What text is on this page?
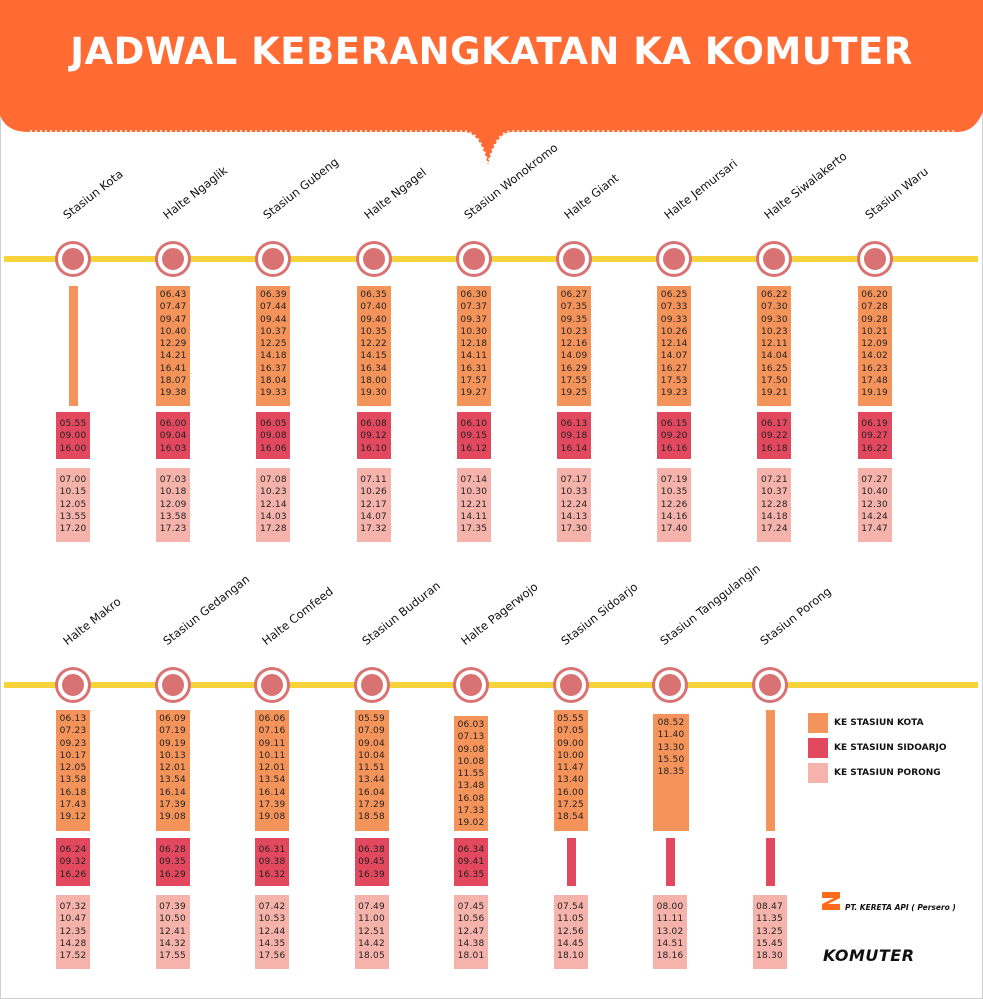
JADWAL KEBERANGKATAN KA KOMUTER
Stasiun Kota
05.55
09.00
16.00
07.00
10.15
12.05
13.55
17.20
Halte Ngaglik
06.43
07.47
09.47
10.40
12.29
14.21
16.41
18.07
19.38
06.00
09.04
16.03
07.03
10.18
12.09
13.58
17.23
Stasiun Gubeng
06.39
07.44
09.44
10.37
12.25
14.18
16.37
18.04
19.33
06.05
09.08
16.06
07.08
10.23
12.14
14.03
17.28
Halte Ngagel
06.35
07.40
09.40
10.35
12.22
14.15
16.34
18.00
19.30
06.08
09.12
16.10
07.11
10.26
12.17
14.07
17.32
Stasiun Wonokromo
06.30
07.37
09.37
10.30
12.18
14.11
16.31
17.57
19.27
06.10
09.15
16.12
07.14
10.30
12.21
14.11
17.35
Halte Giant
06.27
07.35
09.35
10.23
12.16
14.09
16.29
17.55
19.25
06.13
09.18
16.14
07.17
10.33
12.24
14.13
17.30
Halte Jemursari
06.25
07.33
09.33
10.26
12.14
14.07
16.27
17.53
19.23
06.15
09.20
16.16
07.19
10.35
12.26
14.16
17.40
Halte Siwalakerto
06.22
07.30
09.30
10.23
12.11
14.04
16.25
17.50
19.21
06.17
09.22
16.18
07.21
10.37
12.28
14.18
17.24
Stasiun Waru
06.20
07.28
09.28
10.21
12.09
14.02
16.23
17.48
19.19
06.19
09.27
16.22
07.27
10.40
12.30
14.24
17.47
Halte Makro
06.13
07.23
09.23
10.17
12.05
13.58
16.18
17.43
19.12
06.24
09.32
16.26
07.32
10.47
12.35
14.28
17.52
Stasiun Gedangan
06.09
07.19
09.19
10.13
12.01
13.54
16.14
17.39
19.08
06.28
09.35
16.29
07.39
10.50
12.41
14.32
17.55
Halte Comfeed
06.06
07.16
09.11
10.11
12.01
13.54
16.14
17.39
19.08
06.31
09.38
16.32
07.42
10.53
12.44
14.35
17.56
Stasiun Buduran
05.59
07.09
09.04
10.04
11.51
13.44
16.04
17.29
18.58
06.38
09.45
16.39
07.49
11.00
12.51
14.42
18.05
Halte Pagerwojo
06.03
07.13
09.08
10.08
11.55
13.48
16.08
17.33
19.02
06.34
09.41
16.35
07.45
10.56
12.47
14.38
18.01
Stasiun Sidoarjo
05.55
07.05
09.00
10.00
11.47
13.40
16.00
17.25
18.54
07.54
11.05
12.56
14.45
18.10
Stasiun Tanggulangin
08.52
11.40
13.30
15.50
18.35
08.00
11.11
13.02
14.51
18.16
Stasiun Porong
08.47
11.35
13.25
15.45
18.30
KE STASIUN KOTA
KE STASIUN SIDOARJO
KE STASIUN PORONG
PT. KERETA API ( Persero )
KOMUTER
